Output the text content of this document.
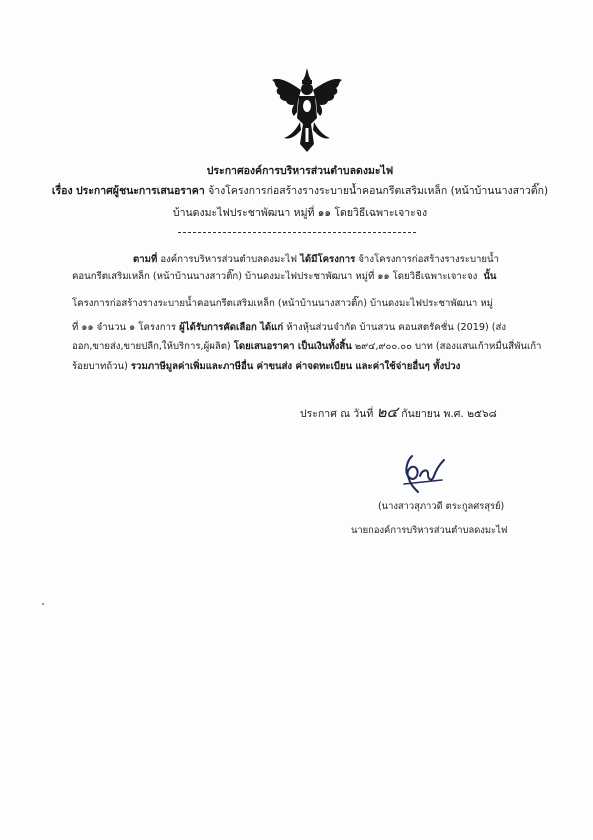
ประกาศองค์การบริหารส่วนตำบลดงมะไฟ
เรื่อง ประกาศผู้ชนะการเสนอราคา จ้างโครงการก่อสร้างรางระบายน้ำคอนกรีตเสริมเหล็ก (หน้าบ้านนางสาวติ๊ก)
บ้านดงมะไฟประชาพัฒนา หมู่ที่ ๑๑ โดยวิธีเฉพาะเจาะจง
ตามที่ องค์การบริหารส่วนตำบลดงมะไฟ ได้มีโครงการ จ้างโครงการก่อสร้างรางระบายน้ำ
คอนกรีตเสริมเหล็ก (หน้าบ้านนางสาวติ๊ก) บ้านดงมะไฟประชาพัฒนา หมู่ที่ ๑๑ โดยวิธีเฉพาะเจาะจง นั้น
โครงการก่อสร้างรางระบายน้ำคอนกรีตเสริมเหล็ก (หน้าบ้านนางสาวติ๊ก) บ้านดงมะไฟประชาพัฒนา หมู่
ที่ ๑๑ จำนวน ๑ โครงการ ผู้ได้รับการคัดเลือก ได้แก่ ห้างหุ้นส่วนจำกัด บ้านสวน คอนสตรัคชั่น (2019) (ส่ง
ออก,ขายส่ง,ขายปลีก,ให้บริการ,ผู้ผลิต) โดยเสนอราคา เป็นเงินทั้งสิ้น ๒๙๔,๙๐๐.๐๐ บาท (สองแสนเก้าหมื่นสี่พันเก้า
ร้อยบาทถ้วน) รวมภาษีมูลค่าเพิ่มและภาษีอื่น ค่าขนส่ง ค่าจดทะเบียน และค่าใช้จ่ายอื่นๆ ทั้งปวง
ประกาศ ณ วันที่ ๒๔ กันยายน พ.ศ. ๒๕๖๘
(นางสาวสุภาวดี ตระกูลศรสุรย์)
นายกองค์การบริหารส่วนตำบลดงมะไฟ
